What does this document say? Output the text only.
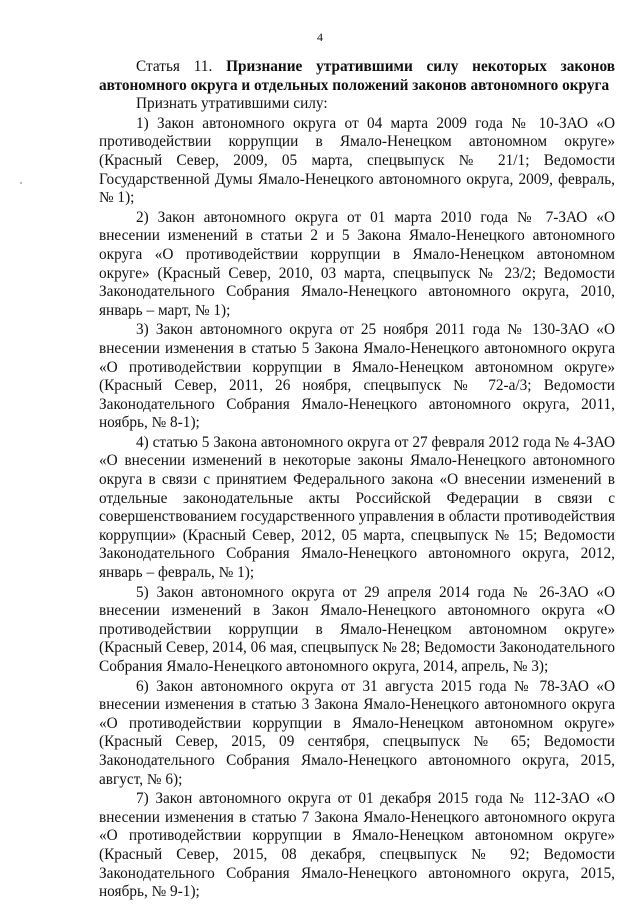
4

Статья 11. Признание утратившими силу некоторых законов автономного округа и отдельных положений законов автономного округа

Признать утратившими силу:

1) Закон автономного округа от 04 марта 2009 года № 10-ЗАО «О противодействии коррупции в Ямало-Ненецком автономном округе» (Красный Север, 2009, 05 марта, спецвыпуск № 21/1; Ведомости Государственной Думы Ямало-Ненецкого автономного округа, 2009, февраль, № 1);

2) Закон автономного округа от 01 марта 2010 года № 7-ЗАО «О внесении изменений в статьи 2 и 5 Закона Ямало-Ненецкого автономного округа «О противодействии коррупции в Ямало-Ненецком автономном округе» (Красный Север, 2010, 03 марта, спецвыпуск № 23/2; Ведомости Законодательного Собрания Ямало-Ненецкого автономного округа, 2010, январь – март, № 1);

3) Закон автономного округа от 25 ноября 2011 года № 130-ЗАО «О внесении изменения в статью 5 Закона Ямало-Ненецкого автономного округа «О противодействии коррупции в Ямало-Ненецком автономном округе» (Красный Север, 2011, 26 ноября, спецвыпуск № 72-а/3; Ведомости Законодательного Собрания Ямало-Ненецкого автономного округа, 2011, ноябрь, № 8-1);

4) статью 5 Закона автономного округа от 27 февраля 2012 года № 4-ЗАО «О внесении изменений в некоторые законы Ямало-Ненецкого автономного округа в связи с принятием Федерального закона «О внесении изменений в отдельные законодательные акты Российской Федерации в связи с совершенствованием государственного управления в области противодействия коррупции» (Красный Север, 2012, 05 марта, спецвыпуск № 15; Ведомости Законодательного Собрания Ямало-Ненецкого автономного округа, 2012, январь – февраль, № 1);

5) Закон автономного округа от 29 апреля 2014 года № 26-ЗАО «О внесении изменений в Закон Ямало-Ненецкого автономного округа «О противодействии коррупции в Ямало-Ненецком автономном округе» (Красный Север, 2014, 06 мая, спецвыпуск № 28; Ведомости Законодательного Собрания Ямало-Ненецкого автономного округа, 2014, апрель, № 3);

6) Закон автономного округа от 31 августа 2015 года № 78-ЗАО «О внесении изменения в статью 3 Закона Ямало-Ненецкого автономного округа «О противодействии коррупции в Ямало-Ненецком автономном округе» (Красный Север, 2015, 09 сентября, спецвыпуск № 65; Ведомости Законодательного Собрания Ямало-Ненецкого автономного округа, 2015, август, № 6);

7) Закон автономного округа от 01 декабря 2015 года № 112-ЗАО «О внесении изменения в статью 7 Закона Ямало-Ненецкого автономного округа «О противодействии коррупции в Ямало-Ненецком автономном округе» (Красный Север, 2015, 08 декабря, спецвыпуск № 92; Ведомости Законодательного Собрания Ямало-Ненецкого автономного округа, 2015, ноябрь, № 9-1);
